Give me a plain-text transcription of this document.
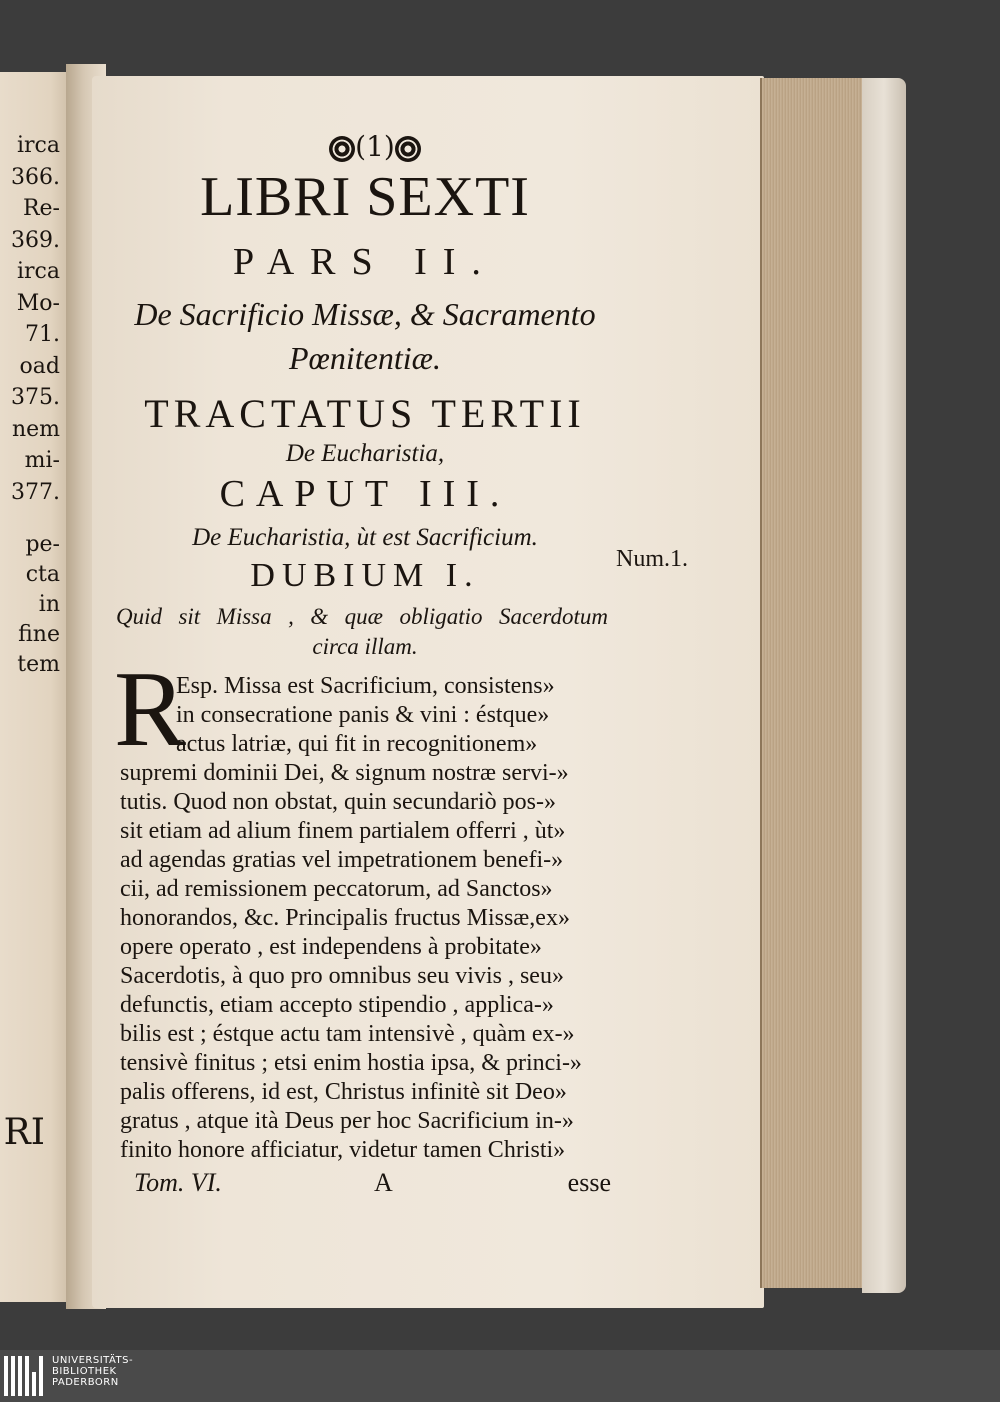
irca
366.
Re-
369.
irca
Mo-
71.
oad
375.
nem
mi-
377.
pe-
cta
in
fine
tem
RI
(1)
LIBRI SEXTI
PARS II.
De Sacrificio Missæ, & Sacramento
Pœnitentiæ.
TRACTATUS TERTII
De Eucharistia,
CAPUT III.
De Eucharistia, ùt est Sacrificium.
Num.1.
DUBIUM I.
Quid sit Missa , & quæ obligatio Sacerdotum
circa illam.
R
Esp. Missa est Sacrificium, consistens»
in consecratione panis & vini : éstque»
actus latriæ, qui fit in recognitionem»
supremi dominii Dei, & signum nostræ servi-»
tutis. Quod non obstat, quin secundariò pos-»
sit etiam ad alium finem partialem offerri , ùt»
ad agendas gratias vel impetrationem benefi-»
cii, ad remissionem peccatorum, ad Sanctos»
honorandos, &c. Principalis fructus Missæ,ex»
opere operato , est independens à probitate»
Sacerdotis, à quo pro omnibus seu vivis , seu»
defunctis, etiam accepto stipendio , applica-»
bilis est ; éstque actu tam intensivè , quàm ex-»
tensivè finitus ; etsi enim hostia ipsa, & princi-»
palis offerens, id est, Christus infinitè sit Deo»
gratus , atque ità Deus per hoc Sacrificium in-»
finito honore afficiatur, videtur tamen Christi»
Tom. VI.	A	esse
UNIVERSITÄTS-
BIBLIOTHEK
PADERBORN
